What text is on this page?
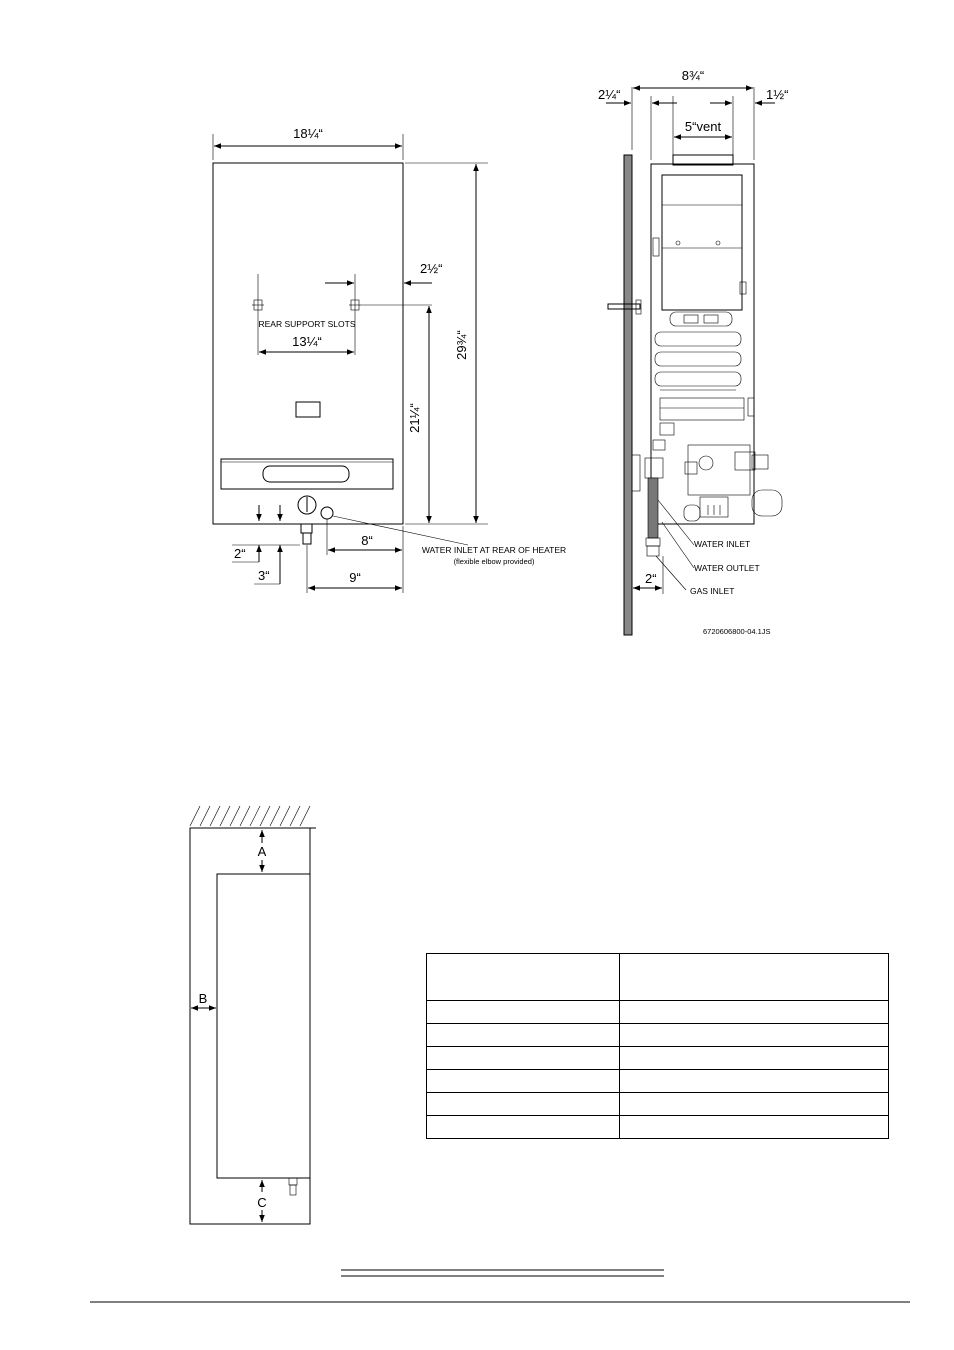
18¼“
29¾“
REAR SUPPORT SLOTS
13¼“
2½“
21¼“
2“
3“
8“
9“
WATER INLET AT REAR OF HEATER
(flexible elbow provided)
8¾“
2¼“	1½“
5“vent
WATER INLET
WATER OUTLET
GAS INLET
2“
6720606800-04.1JS
A
B
C
